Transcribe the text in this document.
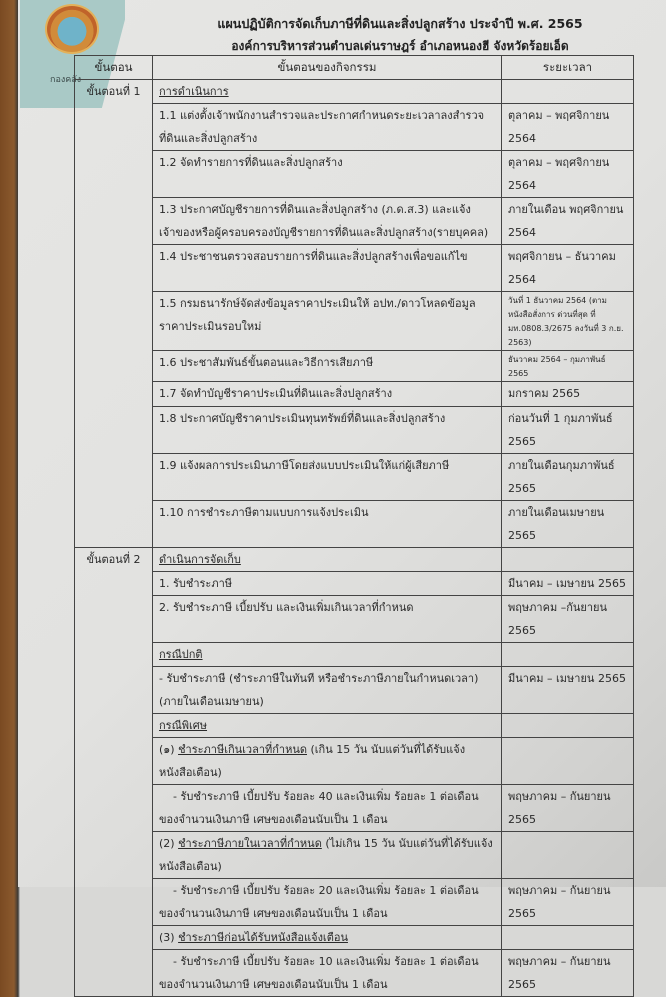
กองคลัง
แผนปฏิบัติการจัดเก็บภาษีที่ดินและสิ่งปลูกสร้าง ประจำปี พ.ศ. 2565
องค์การบริหารส่วนตำบลเด่นราษฎร์ อำเภอหนองฮี จังหวัดร้อยเอ็ด
ขั้นตอน	ขั้นตอนของกิจกรรม	ระยะเวลา
ขั้นตอนที่ 1	การดำเนินการ	
	1.1 แต่งตั้งเจ้าพนักงานสำรวจและประกาศกำหนดระยะเวลาลงสำรวจที่ดินและสิ่งปลูกสร้าง	ตุลาคม – พฤศจิกายน 2564
	1.2 จัดทำรายการที่ดินและสิ่งปลูกสร้าง	ตุลาคม – พฤศจิกายน 2564
	1.3 ประกาศบัญชีรายการที่ดินและสิ่งปลูกสร้าง (ภ.ด.ส.3) และแจ้งเจ้าของหรือผู้ครอบครองบัญชีรายการที่ดินและสิ่งปลูกสร้าง(รายบุคคล)	ภายในเดือน พฤศจิกายน 2564
	1.4 ประชาชนตรวจสอบรายการที่ดินและสิ่งปลูกสร้างเพื่อขอแก้ไข	พฤศจิกายน – ธันวาคม 2564
	1.5 กรมธนารักษ์จัดส่งข้อมูลราคาประเมินให้ อปท./ดาวโหลดข้อมูลราคาประเมินรอบใหม่	วันที่ 1 ธันวาคม 2564 (ตามหนังสือสั่งการ ด่วนที่สุด ที่ มท.0808.3/2675 ลงวันที่ 3 ก.ย. 2563)
	1.6 ประชาสัมพันธ์ขั้นตอนและวิธีการเสียภาษี	ธันวาคม 2564 – กุมภาพันธ์ 2565
	1.7 จัดทำบัญชีราคาประเมินที่ดินและสิ่งปลูกสร้าง	มกราคม 2565
	1.8 ประกาศบัญชีราคาประเมินทุนทรัพย์ที่ดินและสิ่งปลูกสร้าง	ก่อนวันที่ 1 กุมภาพันธ์ 2565
	1.9 แจ้งผลการประเมินภาษีโดยส่งแบบประเมินให้แก่ผู้เสียภาษี	ภายในเดือนกุมภาพันธ์ 2565
	1.10 การชำระภาษีตามแบบการแจ้งประเมิน	ภายในเดือนเมษายน 2565
ขั้นตอนที่ 2	ดำเนินการจัดเก็บ	
	1. รับชำระภาษี	มีนาคม – เมษายน 2565
	2. รับชำระภาษี เบี้ยปรับ และเงินเพิ่มเกินเวลาที่กำหนด	พฤษภาคม –กันยายน 2565
	กรณีปกติ	
	- รับชำระภาษี (ชำระภาษีในทันที หรือชำระภาษีภายในกำหนดเวลา) (ภายในเดือนเมษายน)	มีนาคม – เมษายน 2565
	กรณีพิเศษ	
	(๑) ชำระภาษีเกินเวลาที่กำหนด (เกิน 15 วัน นับแต่วันที่ได้รับแจ้งหนังสือเตือน)	
	- รับชำระภาษี เบี้ยปรับ ร้อยละ 40 และเงินเพิ่ม ร้อยละ 1 ต่อเดือน ของจำนวนเงินภาษี เศษของเดือนนับเป็น 1 เดือน	พฤษภาคม – กันยายน 2565
	(2) ชำระภาษีภายในเวลาที่กำหนด (ไม่เกิน 15 วัน นับแต่วันที่ได้รับแจ้งหนังสือเตือน)	
	- รับชำระภาษี เบี้ยปรับ ร้อยละ 20 และเงินเพิ่ม ร้อยละ 1 ต่อเดือน ของจำนวนเงินภาษี เศษของเดือนนับเป็น 1 เดือน	พฤษภาคม – กันยายน 2565
	(3) ชำระภาษีก่อนได้รับหนังสือแจ้งเตือน	
	- รับชำระภาษี เบี้ยปรับ ร้อยละ 10 และเงินเพิ่ม ร้อยละ 1 ต่อเดือน ของจำนวนเงินภาษี เศษของเดือนนับเป็น 1 เดือน	พฤษภาคม – กันยายน 2565
